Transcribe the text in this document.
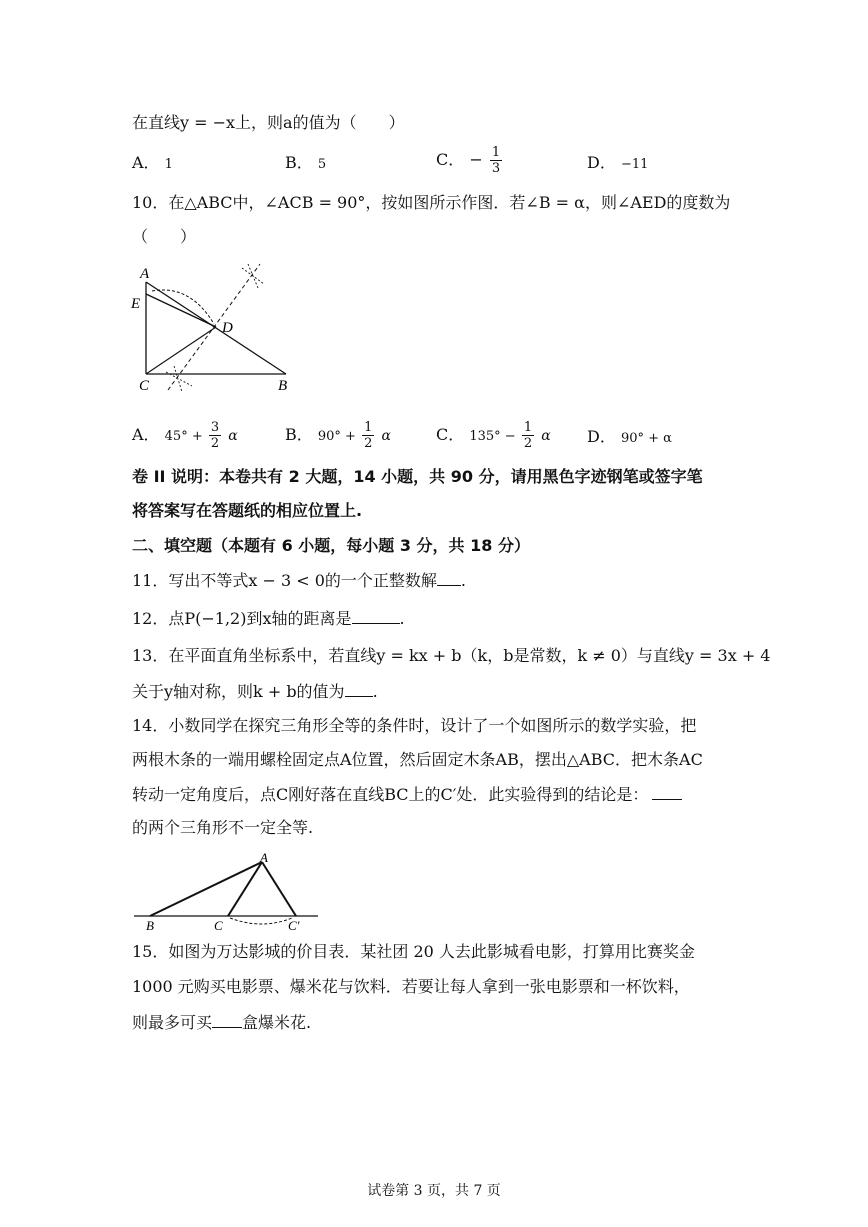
在直线y = −x上，则a的值为（　　）
A． 1	B． 5	C． − $\frac{1}{3}$	D． −11
10．在△ABC中，∠ACB = 90°，按如图所示作图．若∠B = α，则∠AED的度数为
（　　）
A
E
D
C	B
A． $45^\circ + \frac{3}{2}$ α	B． $90^\circ + \frac{1}{2}$ α	C． $135^\circ - \frac{1}{2}$ α D． 90° + α
卷 II 说明：本卷共有 2 大题，14 小题，共 90 分，请用黑色字迹钢笔或签字笔
将答案写在答题纸的相应位置上.
二、填空题（本题有 6 小题，每小题 3 分，共 18 分）
11．写出不等式x − 3 < 0的一个正整数解 .
12．点P(−1,2)到x轴的距离是	.
13．在平面直角坐标系中，若直线y = kx + b（k，b是常数，k ≠ 0）与直线y = 3x + 4
关于y轴对称，则k + b的值为 .
14．小数同学在探究三角形全等的条件时，设计了一个如图所示的数学实验，把
两根木条的一端用螺栓固定点A位置，然后固定木条AB，摆出△ABC．把木条AC
转动一定角度后，点C刚好落在直线BC上的C′处．此实验得到的结论是：
的两个三角形不一定全等.
A
B	C	C′
15．如图为万达影城的价目表．某社团 20 人去此影城看电影，打算用比赛奖金
1000 元购买电影票、爆米花与饮料．若要让每人拿到一张电影票和一杯饮料，
则最多可买 盒爆米花.
试卷第 3 页，共 7 页
